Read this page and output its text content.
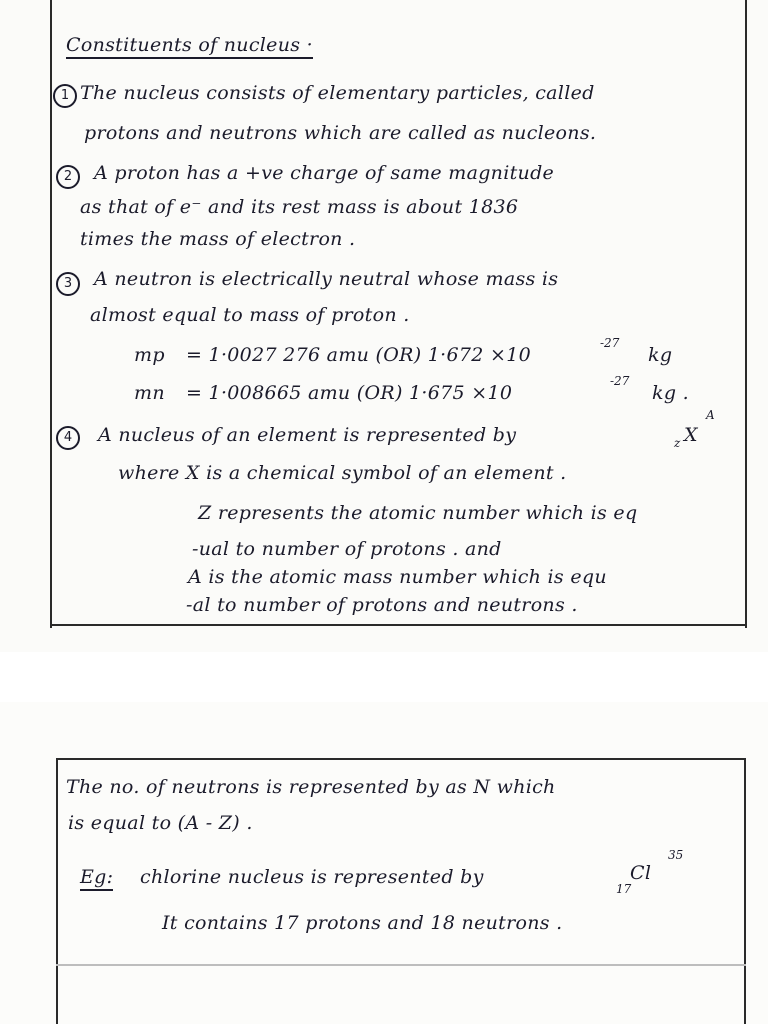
Constituents of nucleus ·
1 The nucleus consists of elementary particles, called
protons and neutrons which are called as nucleons.
2	A proton has a +ve charge of same magnitude
as that of e⁻ and its rest mass is about 1836
times the mass of electron .
3	A neutron is electrically neutral whose mass is
almost equal to mass of proton .
mp = 1·0027 276 amu (OR) 1·672 ×10
-27
kg
mn = 1·008665 amu (OR) 1·675 ×10
-27
kg .
4	A nucleus of an element is represented by	z X
A
where X is a chemical symbol of an element .
Z represents the atomic number which is eq
-ual to number of protons . and
A is the atomic mass number which is equ
-al to number of protons and neutrons .
The no. of neutrons is represented by as N which
is equal to (A - Z) .
Eg: chlorine nucleus is represented by	Cl
35
17
It contains 17 protons and 18 neutrons .
